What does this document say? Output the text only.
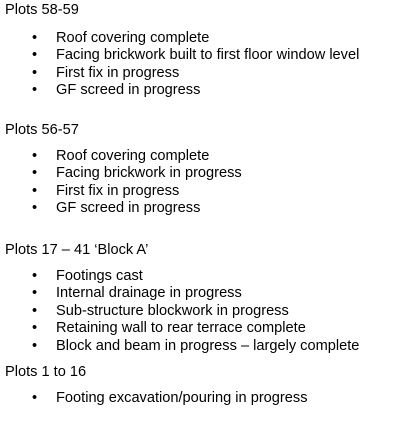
Plots 58-59

• Roof covering complete
• Facing brickwork built to first floor window level
• First fix in progress
• GF screed in progress

Plots 56-57

• Roof covering complete
• Facing brickwork in progress
• First fix in progress
• GF screed in progress

Plots 17 – 41 ‘Block A’

• Footings cast
• Internal drainage in progress
• Sub-structure blockwork in progress
• Retaining wall to rear terrace complete
• Block and beam in progress – largely complete

Plots 1 to 16

• Footing excavation/pouring in progress
